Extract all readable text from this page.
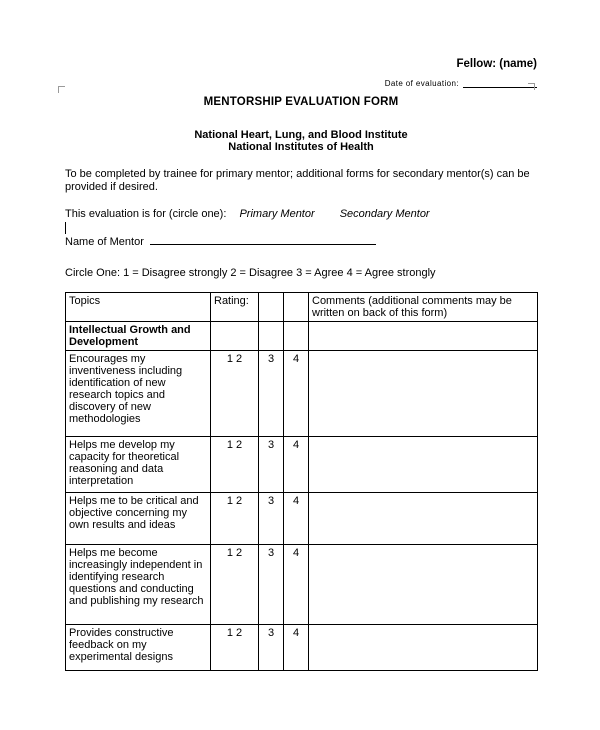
Fellow: (name)
Date of evaluation:
MENTORSHIP EVALUATION FORM
National Heart, Lung, and Blood Institute
National Institutes of Health

To be completed by trainee for primary mentor; additional forms for secondary mentor(s) can be provided if desired.

This evaluation is for (circle one): Primary Mentor Secondary Mentor

Name of Mentor

Circle One: 1 = Disagree strongly 2 = Disagree 3 = Agree 4 = Agree strongly

Topics	Rating:			Comments (additional comments may be written on back of this form)
Intellectual Growth and Development				
Encourages my inventiveness including identification of new research topics and discovery of new methodologies	1 2	3	4	
Helps me develop my capacity for theoretical reasoning and data interpretation	1 2	3	4	
Helps me to be critical and objective concerning my own results and ideas	1 2	3	4	
Helps me become increasingly independent in identifying research questions and conducting and publishing my research	1 2	3	4	
Provides constructive feedback on my experimental designs	1 2	3	4	
